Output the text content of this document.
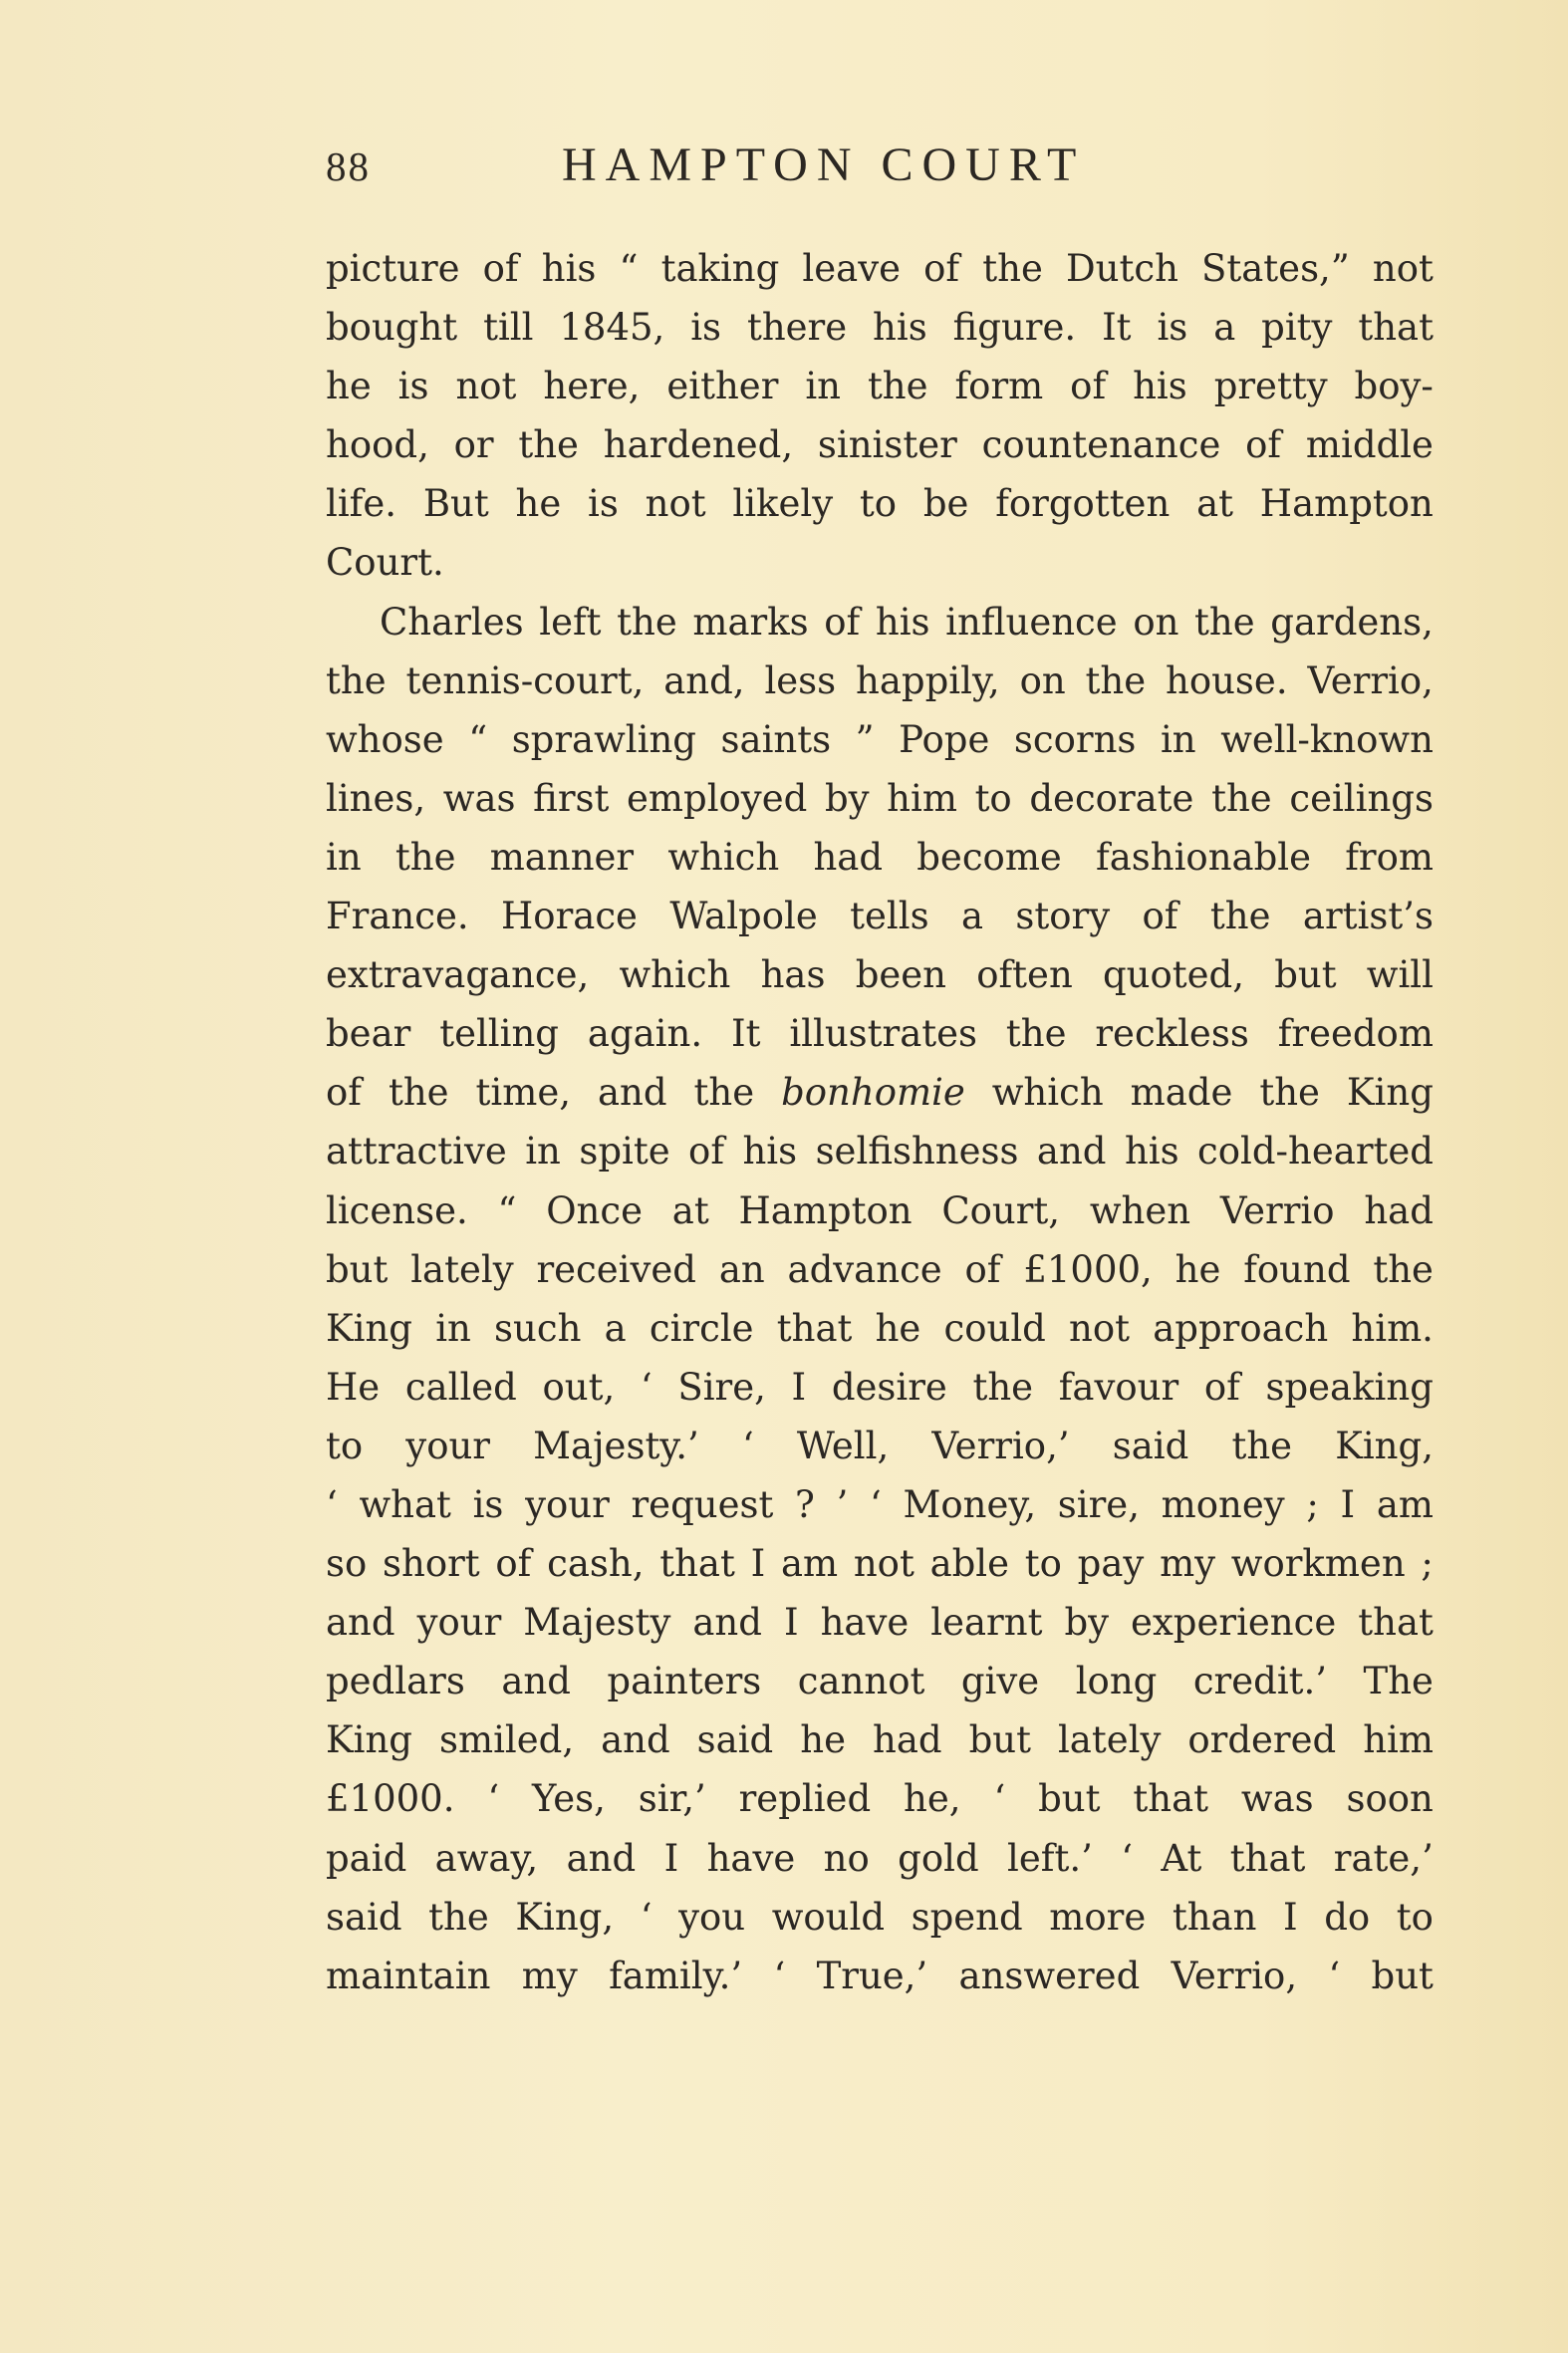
88	HAMPTON COURT
picture of his “ taking leave of the Dutch States,” not
bought till 1845, is there his figure. It is a pity that
he is not here, either in the form of his pretty boy-
hood, or the hardened, sinister countenance of middle
life. But he is not likely to be forgotten at Hampton
Court.
Charles left the marks of his influence on the gardens,
the tennis-court, and, less happily, on the house. Verrio,
whose “ sprawling saints ” Pope scorns in well-known
lines, was first employed by him to decorate the ceilings
in the manner which had become fashionable from
France. Horace Walpole tells a story of the artist’s
extravagance, which has been often quoted, but will
bear telling again. It illustrates the reckless freedom
of the time, and the bonhomie which made the King
attractive in spite of his selfishness and his cold-hearted
license. “ Once at Hampton Court, when Verrio had
but lately received an advance of £1000, he found the
King in such a circle that he could not approach him.
He called out, ‘ Sire, I desire the favour of speaking
to your Majesty.’ ‘ Well, Verrio,’ said the King,
‘ what is your request ? ’ ‘ Money, sire, money ; I am
so short of cash, that I am not able to pay my workmen ;
and your Majesty and I have learnt by experience that
pedlars and painters cannot give long credit.’ The
King smiled, and said he had but lately ordered him
£1000. ‘ Yes, sir,’ replied he, ‘ but that was soon
paid away, and I have no gold left.’ ‘ At that rate,’
said the King, ‘ you would spend more than I do to
maintain my family.’ ‘ True,’ answered Verrio, ‘ but
